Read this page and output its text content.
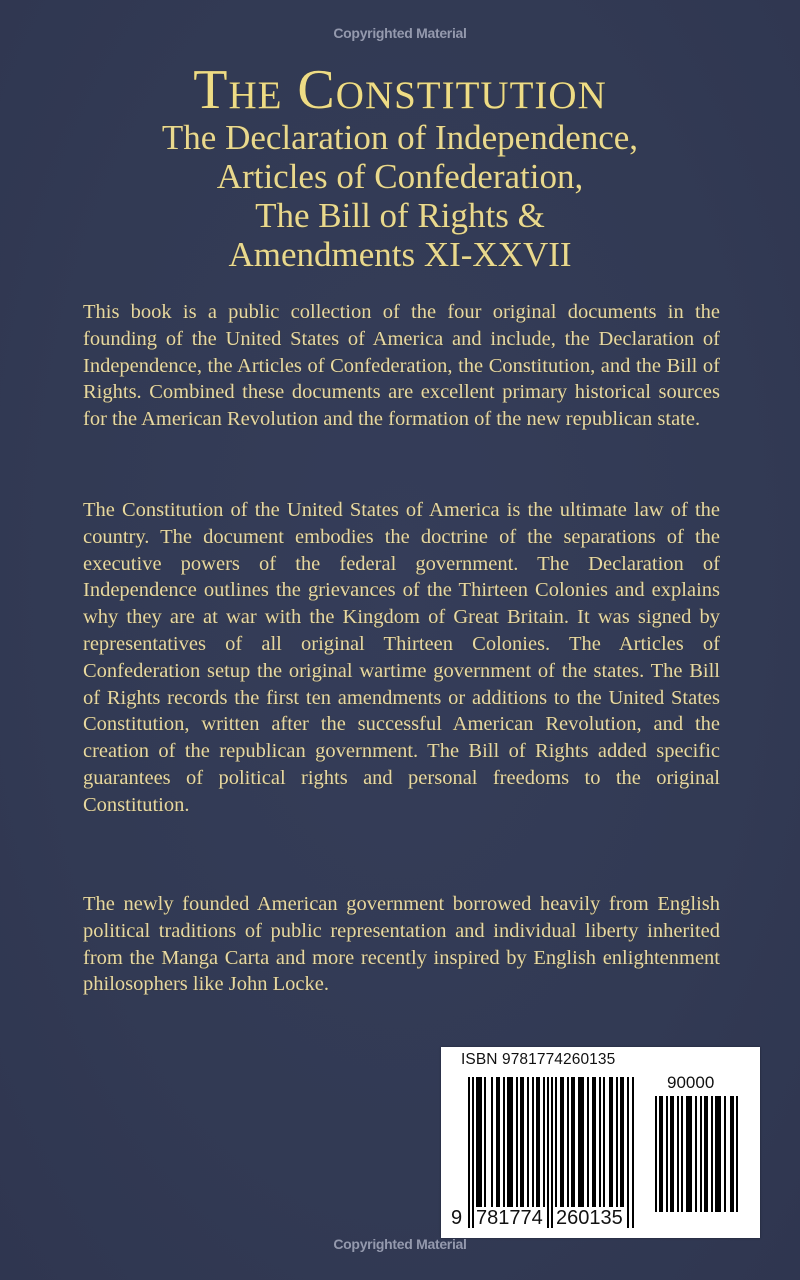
Copyrighted Material
The Constitution
The Declaration of Independence,
Articles of Confederation,
The Bill of Rights &
Amendments XI-XXVII

This book is a public collection of the four original documents in the founding of the United States of America and include, the Declaration of Independence, the Articles of Confederation, the Constitution, and the Bill of Rights. Combined these documents are excellent primary historical sources for the American Revolution and the formation of the new republican state.

The Constitution of the United States of America is the ultimate law of the country. The document embodies the doctrine of the separations of the executive powers of the federal government. The Declaration of Independence outlines the grievances of the Thirteen Colonies and explains why they are at war with the Kingdom of Great Britain. It was signed by representatives of all original Thirteen Colonies. The Articles of Confederation setup the original wartime government of the states. The Bill of Rights records the first ten amendments or additions to the United States Constitution, written after the successful American Revolution, and the creation of the republican government. The Bill of Rights added specific guarantees of political rights and personal freedoms to the original Constitution.

The newly founded American government borrowed heavily from English political traditions of public representation and individual liberty inherited from the Manga Carta and more recently inspired by English enlightenment philosophers like John Locke.

ISBN 9781774260135
90000
9 781774 260135
Copyrighted Material
